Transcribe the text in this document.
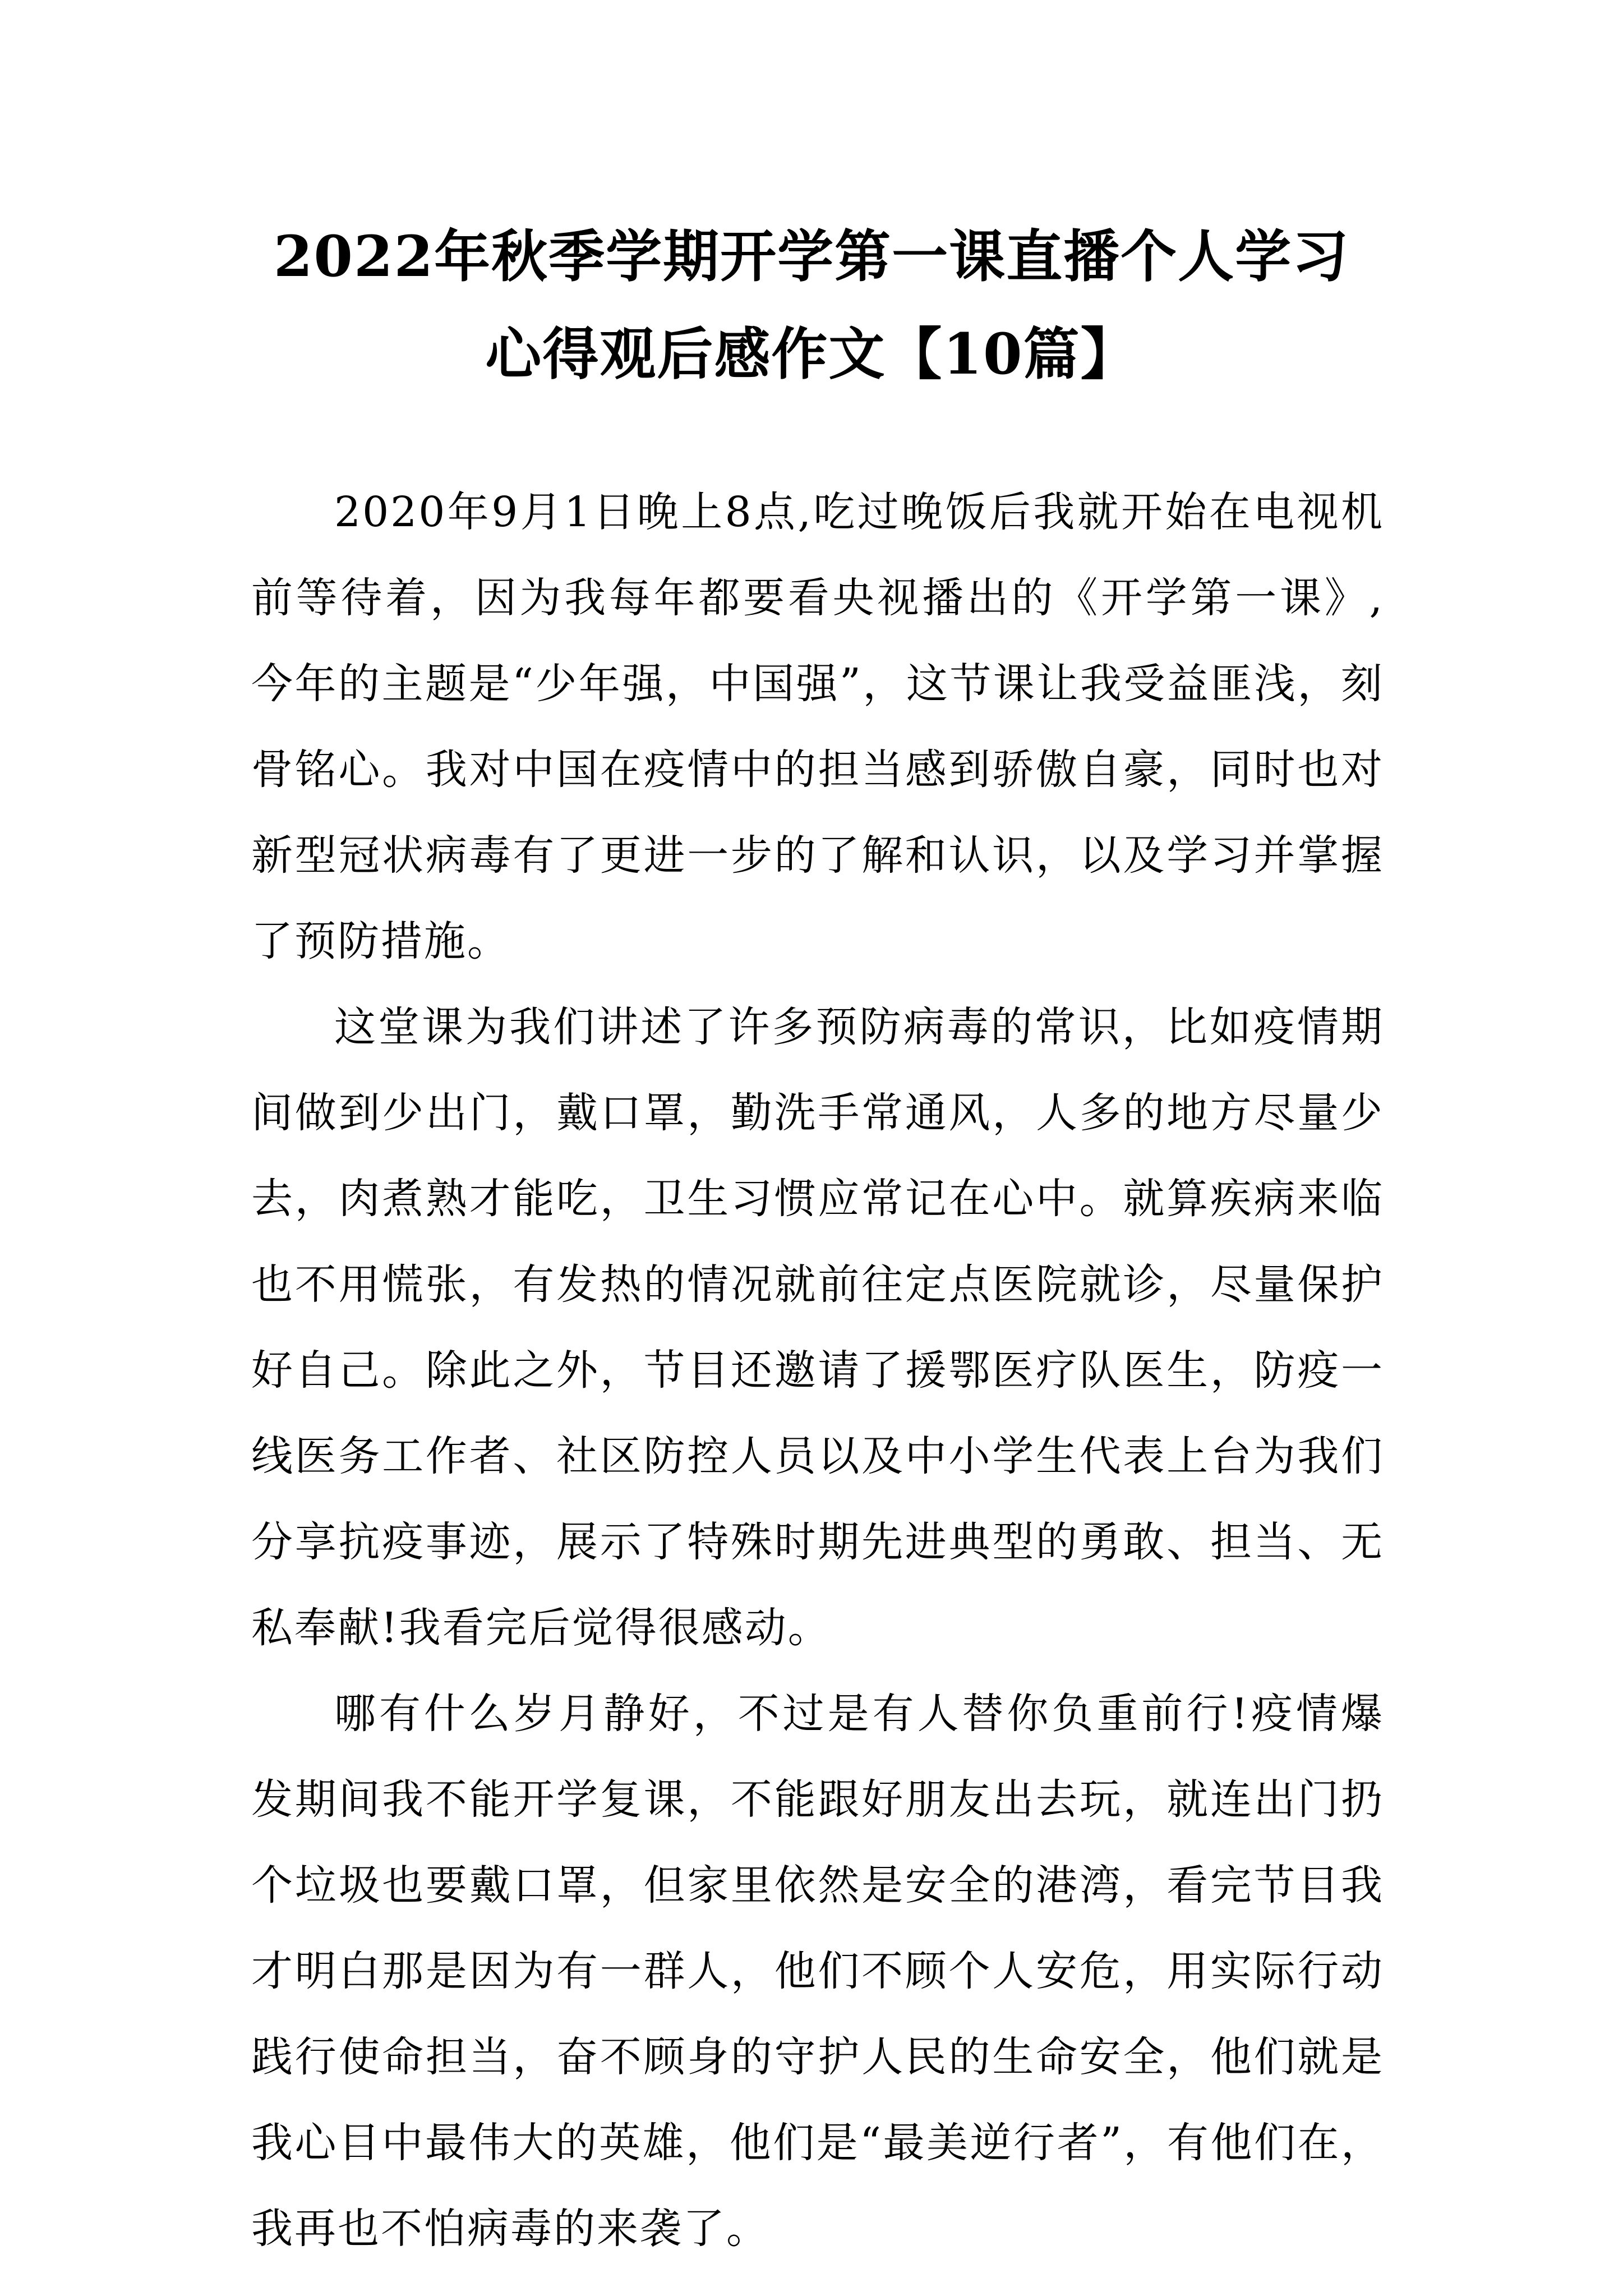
2022年秋季学期开学第一课直播个人学习
心得观后感作文【10篇】

2020年9月1日晚上8点,吃过晚饭后我就开始在电视机前等待着，因为我每年都要看央视播出的《开学第一课》,今年的主题是“少年强，中国强”，这节课让我受益匪浅，刻骨铭心。我对中国在疫情中的担当感到骄傲自豪，同时也对新型冠状病毒有了更进一步的了解和认识，以及学习并掌握了预防措施。

这堂课为我们讲述了许多预防病毒的常识，比如疫情期间做到少出门，戴口罩，勤洗手常通风，人多的地方尽量少去，肉煮熟才能吃，卫生习惯应常记在心中。就算疾病来临也不用慌张，有发热的情况就前往定点医院就诊，尽量保护好自己。除此之外，节目还邀请了援鄂医疗队医生，防疫一线医务工作者、社区防控人员以及中小学生代表上台为我们分享抗疫事迹，展示了特殊时期先进典型的勇敢、担当、无私奉献!我看完后觉得很感动。

哪有什么岁月静好，不过是有人替你负重前行!疫情爆发期间我不能开学复课，不能跟好朋友出去玩，就连出门扔个垃圾也要戴口罩，但家里依然是安全的港湾，看完节目我才明白那是因为有一群人，他们不顾个人安危，用实际行动践行使命担当，奋不顾身的守护人民的生命安全，他们就是我心目中最伟大的英雄，他们是“最美逆行者”，有他们在，我再也不怕病毒的来袭了。
